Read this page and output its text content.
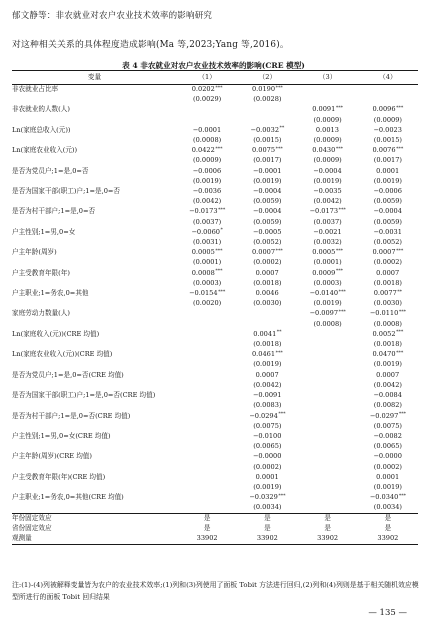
郁文静等：非农就业对农户农业技术效率的影响研究
对这种相关关系的具体程度造成影响(Ma 等,2023;Yang 等,2016)。
表 4 非农就业对农户农业技术效率的影响(CRE 模型)
变量	（1）	（2）	（3）	（4）
非农就业占比率	0.0202***	0.0190***		
	(0.0029)	(0.0028)		
非农就业的人数(人)			0.0091***	0.0096***
			(0.0009)	(0.0009)
Ln(家庭总收入(元))	−0.0001	−0.0032**	0.0013	−0.0023
	(0.0008)	(0.0015)	(0.0009)	(0.0015)
Ln(家庭农业收入(元))	0.0422***	0.0075***	0.0430***	0.0076***
	(0.0009)	(0.0017)	(0.0009)	(0.0017)
是否为党员户;1=是,0=否	−0.0006	−0.0001	−0.0004	0.0001
	(0.0019)	(0.0019)	(0.0019)	(0.0019)
是否为国家干部(职工)户;1=是,0=否	−0.0036	−0.0004	−0.0035	−0.0006
	(0.0042)	(0.0059)	(0.0042)	(0.0059)
是否为村干部户;1=是,0=否	−0.0173***	−0.0004	−0.0173***	−0.0004
	(0.0037)	(0.0059)	(0.0037)	(0.0059)
户主性别;1=男,0=女	−0.0060*	−0.0005	−0.0021	−0.0031
	(0.0031)	(0.0052)	(0.0032)	(0.0052)
户主年龄(周岁)	0.0005***	0.0007***	0.0005***	0.0007***
	(0.0001)	(0.0002)	(0.0001)	(0.0002)
户主受教育年限(年)	0.0008***	0.0007	0.0009***	0.0007
	(0.0003)	(0.0018)	(0.0003)	(0.0018)
户主职业;1=务农,0=其他	−0.0154***	0.0046	−0.0140***	0.0077**
	(0.0020)	(0.0030)	(0.0019)	(0.0030)
家庭劳动力数量(人)			−0.0097***	−0.0110***
			(0.0008)	(0.0008)
Ln(家庭收入(元))(CRE 均值)		0.0041**		0.0052***
		(0.0018)		(0.0018)
Ln(家庭农业收入(元))(CRE 均值)		0.0461***		0.0470***
		(0.0019)		(0.0019)
是否为党员户;1=是,0=否(CRE 均值)		0.0007		0.0007
		(0.0042)		(0.0042)
是否为国家干部(职工)户;1=是,0=否(CRE 均值)		−0.0091		−0.0084
		(0.0083)		(0.0082)
是否为村干部户;1=是,0=否(CRE 均值)		−0.0294***		−0.0297***
		(0.0075)		(0.0075)
户主性别;1=男,0=女(CRE 均值)		−0.0100		−0.0082
		(0.0065)		(0.0065)
户主年龄(周岁)(CRE 均值)		−0.0000		−0.0000
		(0.0002)		(0.0002)
户主受教育年限(年)(CRE 均值)		0.0001		0.0001
		(0.0019)		(0.0019)
户主职业;1=务农,0=其他(CRE 均值)		−0.0329***		−0.0340***
		(0.0034)		(0.0034)
年份固定效应	是	是	是	是
省份固定效应	是	是	是	是
观测量	33902	33902	33902	33902
注:(1)-(4)列被解释变量皆为农户的农业技术效率;(1)列和(3)列使用了面板 Tobit 方法进行回归,(2)列和(4)列则是基于相关随机效应模型所进行的面板 Tobit 回归结果
— 135 —
